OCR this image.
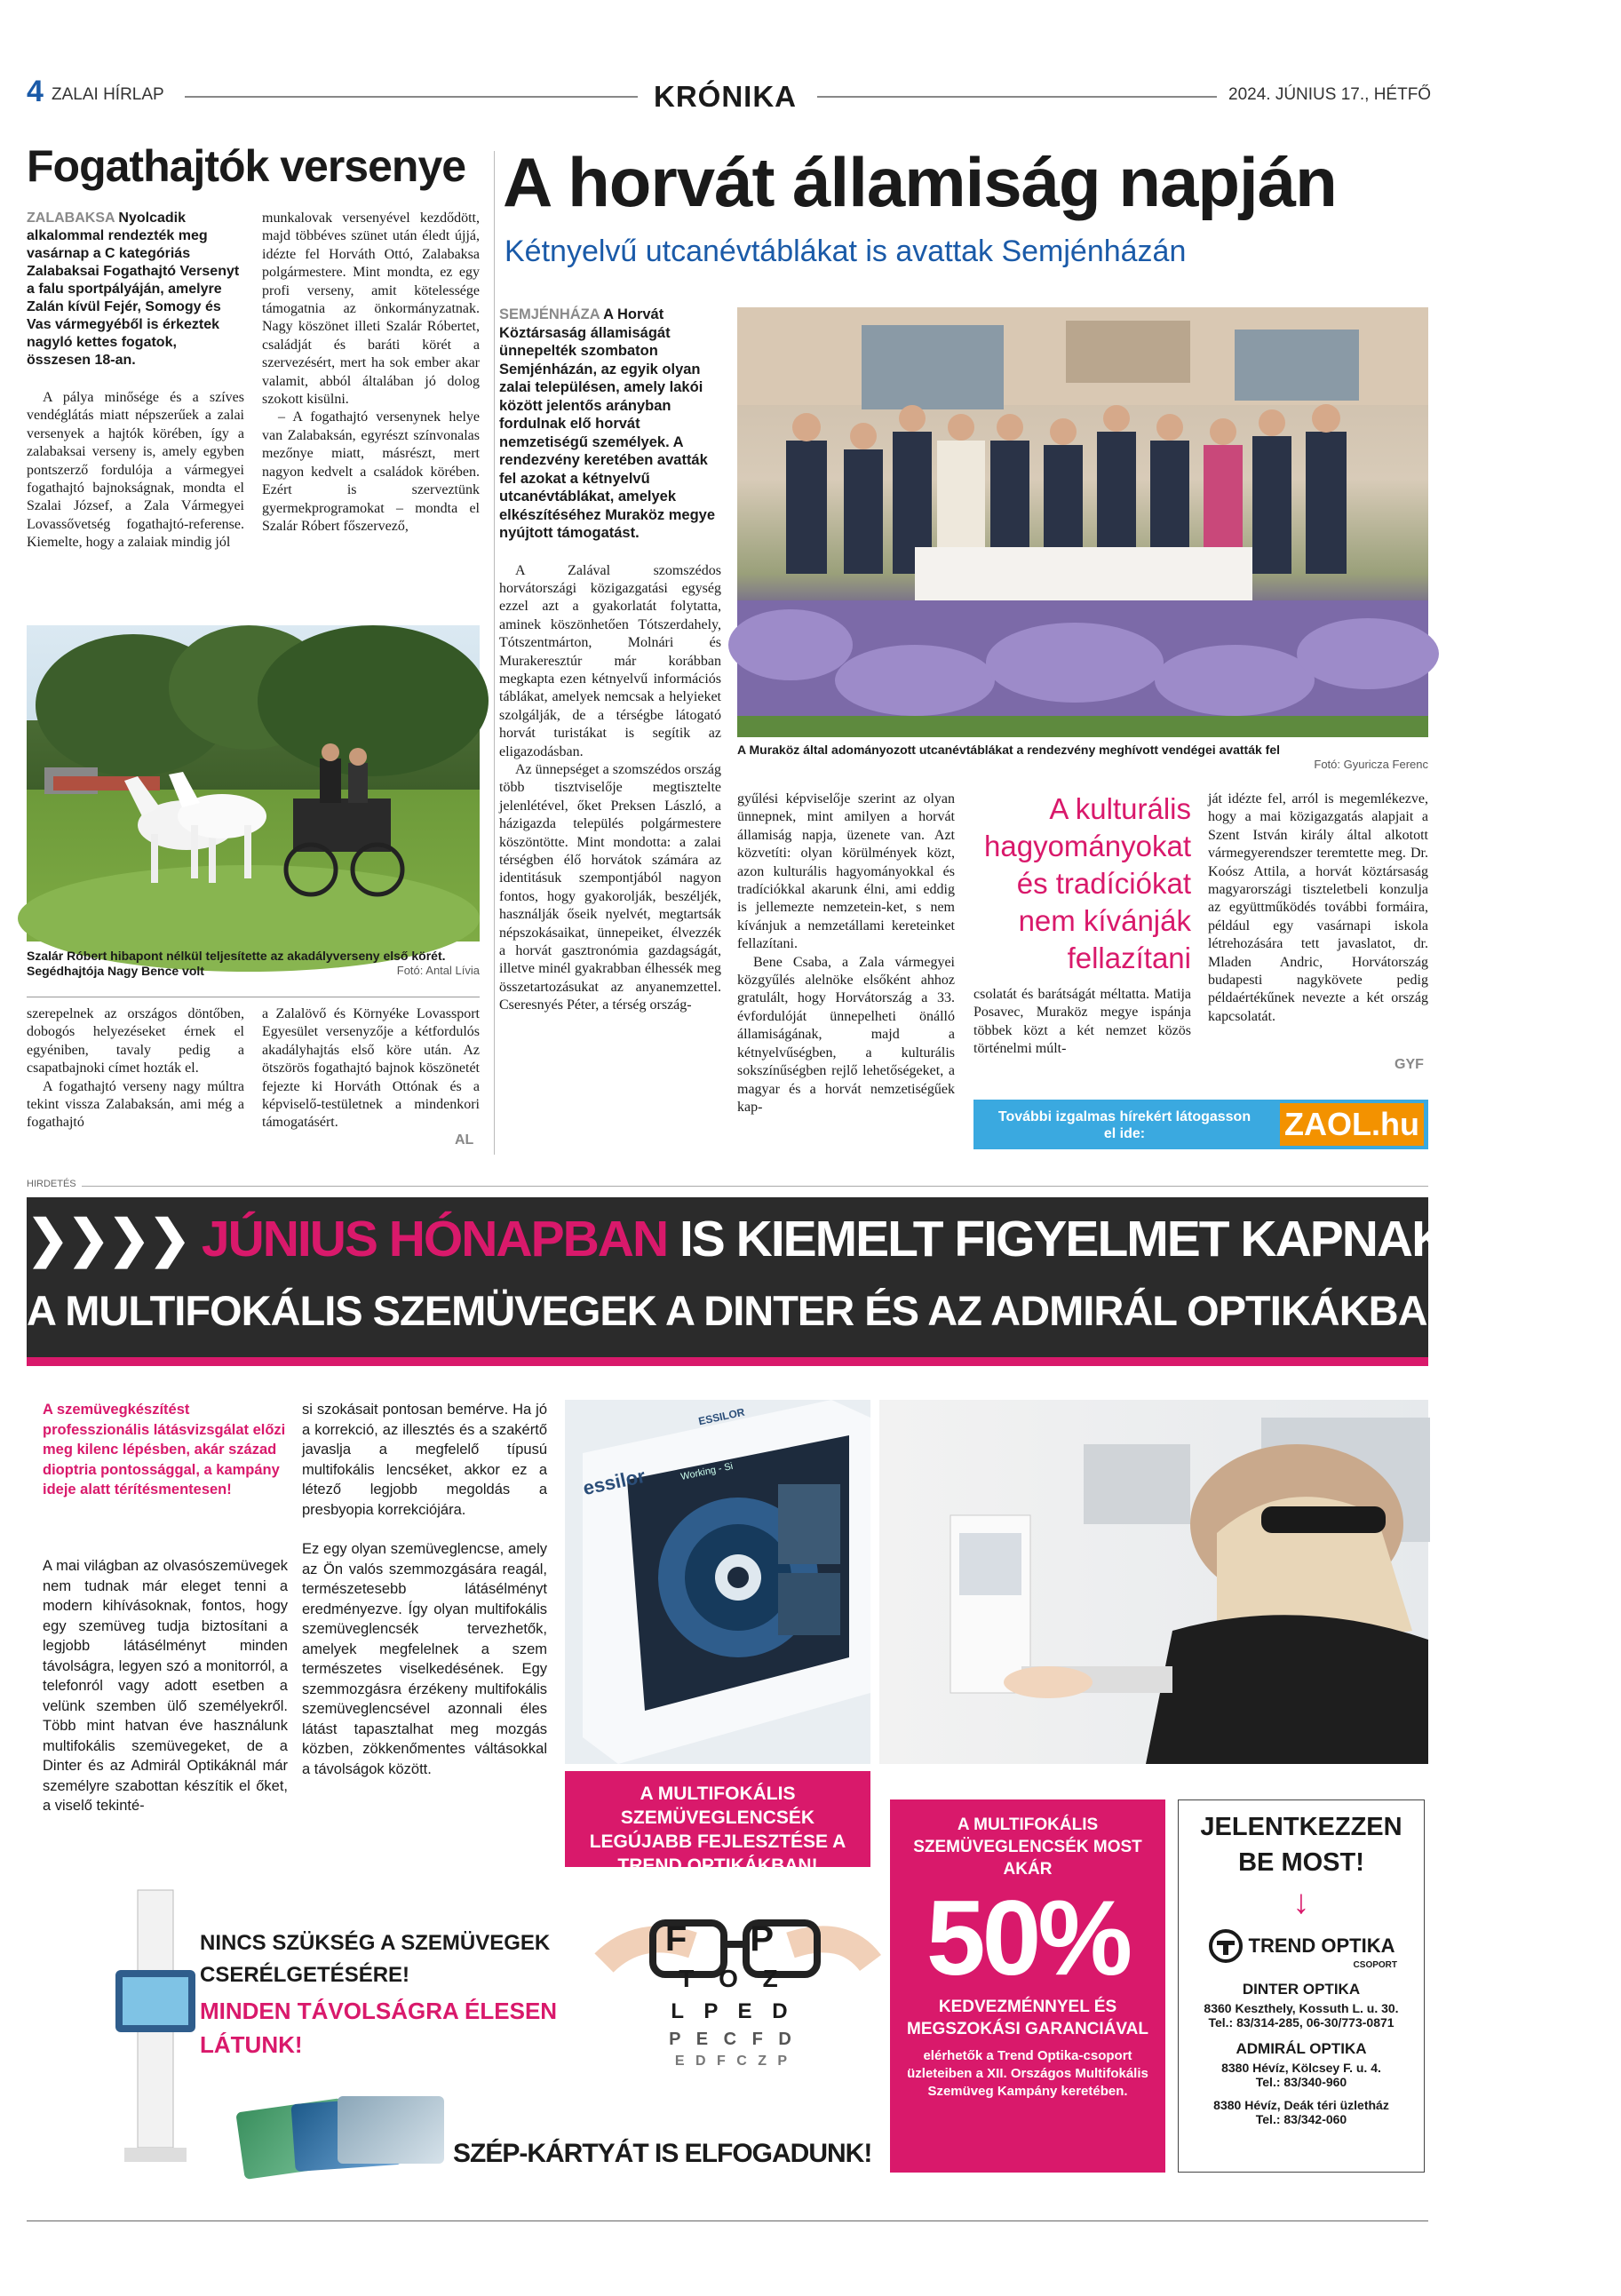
4 ZALAI HÍRLAP	KRÓNIKA	2024. JÚNIUS 17., HÉTFŐ
Fogathajtók versenye

ZALABAKSA Nyolcadik alkalommal rendezték meg vasárnap a C kategóriás Zalabaksai Fogathajtó Versenyt a falu sportpályáján, amelyre Zalán kívül Fejér, Somogy és Vas vármegyéből is érkeztek nagyló kettes fogatok, összesen 18-an.

A pálya minősége és a szíves vendéglátás miatt népszerűek a zalai versenyek a hajtók körében, így a zalabaksai verseny is, amely egyben pontszerző fordulója a vármegyei fogathajtó bajnokságnak, mondta el Szalai József, a Zala Vármegyei Lovassővetség fogathajtó-referense. Kiemelte, hogy a zalaiak mindig jól

munkalovak versenyével kezdődött, majd többéves szünet után éledt újjá, idézte fel Horváth Ottó, Zalabaksa polgármestere. Mint mondta, ez egy profi verseny, amit kötelessége támogatnia az önkormányzatnak. Nagy köszönet illeti Szalár Róbertet, családját és baráti körét a szervezésért, mert ha sok ember akar valamit, abból általában jó dolog szokott kisülni.

– A fogathajtó versenynek helye van Zalabaksán, egyrészt színvonalas mezőnye miatt, másrészt, mert nagyon kedvelt a családok körében. Ezért is szerveztünk gyermekprogramokat – mondta el Szalár Róbert főszervező,

Szalár Róbert hibapont nélkül teljesítette az akadályverseny első körét. Segédhajtója Nagy Bence volt	Fotó: Antal Lívia

szerepelnek az országos döntőben, dobogós helyezéseket érnek el egyéniben, tavaly pedig a csapatbajnoki címet hozták el.

A fogathajtó verseny nagy múltra tekint vissza Zalabaksán, ami még a fogathajtó

a Zalalövő és Környéke Lovassport Egyesület versenyzője a kétfordulós akadályhajtás első köre után. Az ötszörös fogathajtó bajnok köszönetét fejezte ki Horváth Ottónak és a képviselő-testületnek a mindenkori támogatásért.

AL
A horvát államiság napján
Kétnyelvű utcanévtáblákat is avattak Semjénházán

SEMJÉNHÁZA A Horvát Köztársaság államiságát ünnepelték szombaton Semjénházán, az egyik olyan zalai településen, amely lakói között jelentős arányban fordulnak elő horvát nemzetiségű személyek. A rendezvény keretében avatták fel azokat a kétnyelvű utcanévtáblákat, amelyek elkészítéséhez Muraköz megye nyújtott támogatást.

A Zalával szomszédos horvátországi közigazgatási egység ezzel azt a gyakorlatát folytatta, aminek köszönhetően Tótszerdahely, Tótszentmárton, Molnári és Murakeresztúr már korábban megkapta ezen kétnyelvű információs táblákat, amelyek nemcsak a helyieket szolgálják, de a térségbe látogató horvát turistákat is segítik az eligazodásban.

Az ünnepséget a szomszédos ország több tisztviselője megtisztelte jelenlétével, őket Preksen László, a házigazda település polgármestere köszöntötte. Mint mondotta: a zalai térségben élő horvátok számára az identitásuk szempontjából nagyon fontos, hogy gyakorolják, beszéljék, használják őseik nyelvét, megtartsák népszokásaikat, ünnepeiket, élvezzék a horvát gasztronómia gazdagságát, illetve minél gyakrabban élhessék meg összetartozásukat az anyanemzettel. Cseresnyés Péter, a térség ország-

A Muraköz által adományozott utcanévtáblákat a rendezvény meghívott vendégei avatták fel
Fotó: Gyuricza Ferenc

gyűlési képviselője szerint az olyan ünnepnek, mint amilyen a horvát államiság napja, üzenete van. Azt közvetíti: olyan körülmények közt, azon kulturális hagyományokkal és tradíciókkal akarunk élni, ami eddig is jellemezte nemzetein-ket, s nem kívánjuk a nemzetállami kereteinket fellazítani.

Bene Csaba, a Zala vármegyei közgyűlés alelnöke elsőként ahhoz gratulált, hogy Horvátország a 33. évfordulóját ünnepelheti önálló államiságának, majd a kétnyelvűségben, a kulturális sokszínűségben rejlő lehetőségeket, a magyar és a horvát nemzetiségűek kap-

A kulturális hagyományokat és tradíciókat nem kívánják fellazítani

csolatát és barátságát méltatta. Matija Posavec, Muraköz megye ispánja többek közt a két nemzet közös történelmi múlt-

ját idézte fel, arról is megemlékezve, hogy a mai közigazgatás alapjait a Szent István király által alkotott vármegyerendszer teremtette meg. Dr. Koósz Attila, a horvát köztársaság magyarországi tiszteletbeli konzulja az együttműködés további formáira, például egy vasárnapi iskola létrehozására tett javaslatot, dr. Mladen Andric, Horvátország budapesti nagykövete pedig példaértékűnek nevezte a két ország kapcsolatát.

GYF
További izgalmas hírekért látogasson el ide:	ZAOL.hu
HIRDETÉS
❯❯❯❯ JÚNIUS HÓNAPBAN IS KIEMELT FIGYELMET KAPNAK ❮❮❮❮
A MULTIFOKÁLIS SZEMÜVEGEK A DINTER ÉS AZ ADMIRÁL OPTIKÁKBAN.
A szemüvegkészítést professzionális látásvizsgálat előzi meg kilenc lépésben, akár század dioptria pontossággal, a kampány ideje alatt térítésmentesen!

A mai világban az olvasószemüvegek nem tudnak már eleget tenni a modern kihívásoknak, fontos, hogy egy szemüveg tudja biztosítani a legjobb látásélményt minden távolságra, legyen szó a monitorról, a telefonról vagy adott esetben a velünk szemben ülő személyekről. Több mint hatvan éve használunk multifokális szemüvegeket, de a Dinter és az Admirál Optikáknál már személyre szabottan készítik el őket, a viselő tekinté-

si szokásait pontosan bemérve. Ha jó a korrekció, az illesztés és a szakértő javaslja a megfelelő típusú multifokális lencséket, akkor ez a létező legjobb megoldás a presbyopia korrekciójára.

Ez egy olyan szemüveglencse, amely az Ön valós szemmozgására reagál, természetesebb látásélményt eredményezve. Így olyan multifokális szemüveglencsék tervezhetők, amelyek megfelelnek a szem természetes viselkedésének. Egy szemmozgásra érzékeny multifokális szemüveglencsével azonnali éles látást tapasztalhat meg mozgás közben, zökkenőmentes váltásokkal a távolságok között.

ESSILOR
essilor	Working - Si
A MULTIFOKÁLIS SZEMÜVEGLENCSÉK LEGÚJABB FEJLESZTÉSE A TREND OPTIKÁKBAN!
NINCS SZÜKSÉG A SZEMÜVEGEK CSERÉLGETÉSÉRE!
MINDEN TÁVOLSÁGRA ÉLESEN LÁTUNK!
SZÉP-KÁRTYÁT IS ELFOGADUNK!
F P
T O Z
L P E D
P E C F D
E D F C Z P
A MULTIFOKÁLIS SZEMÜVEGLENCSÉK MOST AKÁR
50%
KEDVEZMÉNNYEL ÉS MEGSZOKÁSI GARANCIÁVAL
elérhetők a Trend Optika-csoport üzleteiben a XII. Országos Multifokális Szemüveg Kampány keretében.
JELENTKEZZEN BE MOST!
↓
TREND OPTIKA
CSOPORT
DINTER OPTIKA
8360 Keszthely, Kossuth L. u. 30.
Tel.: 83/314-285, 06-30/773-0871
ADMIRÁL OPTIKA
8380 Hévíz, Kölcsey F. u. 4.
Tel.: 83/340-960
8380 Hévíz, Deák téri üzletház
Tel.: 83/342-060
